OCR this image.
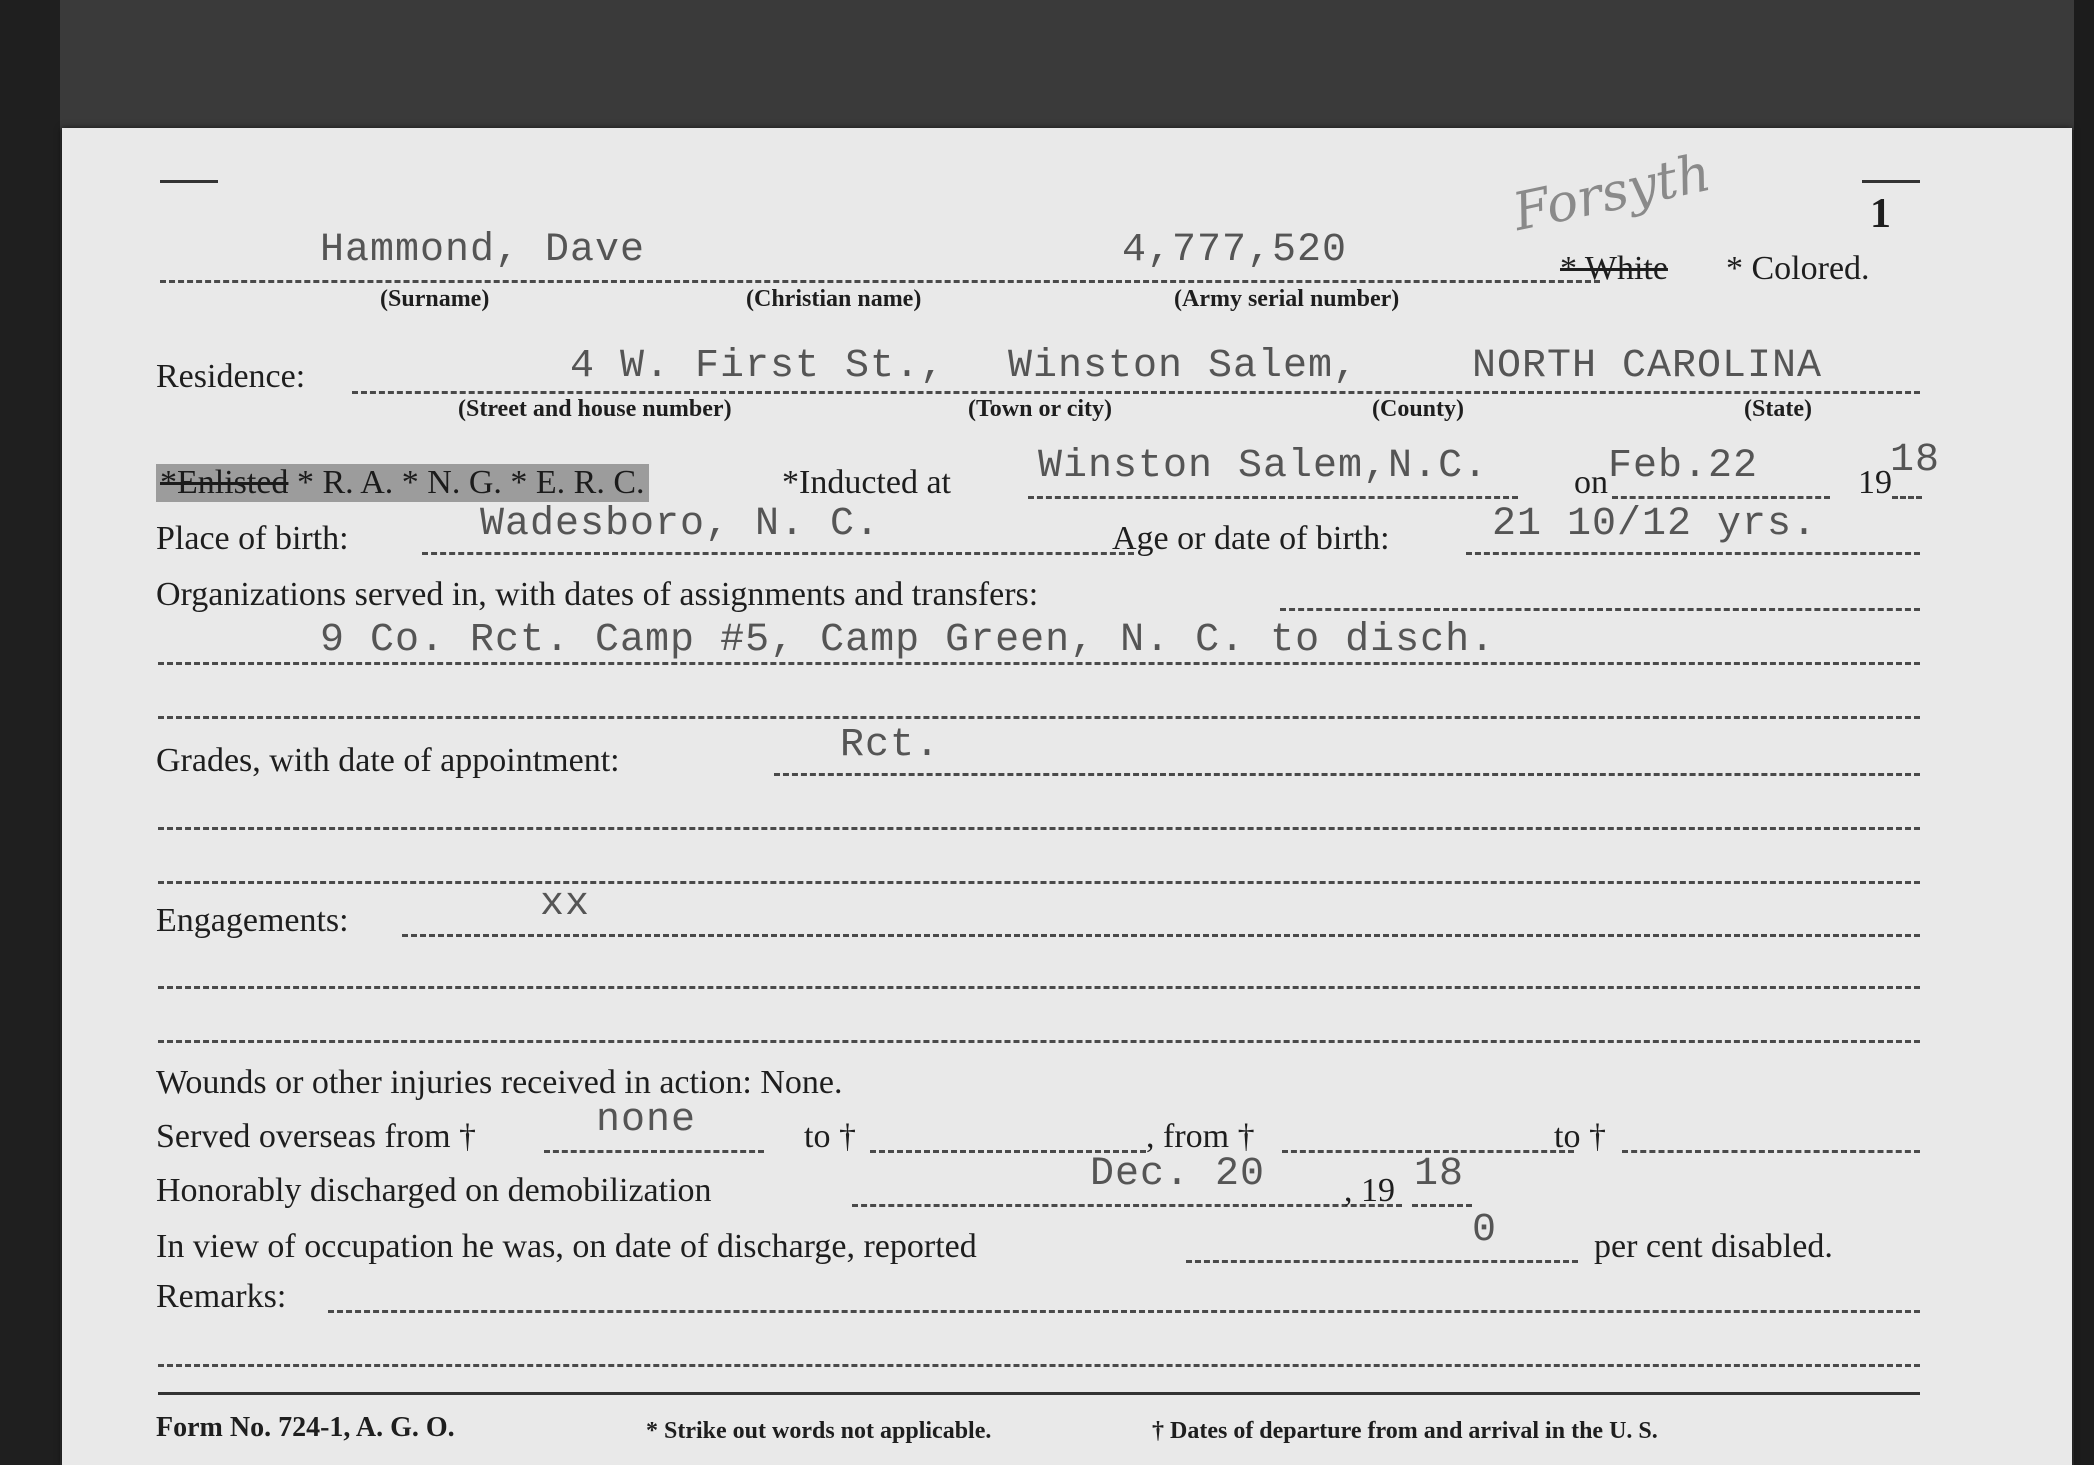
1
Forsyth
Hammond, Dave	4,777,520	* White * Colored.
(Surname)	(Christian name)	(Army serial number)
Residence:	4 W. First St., Winston Salem,	NORTH CAROLINA
(Street and house number)	(Town or city)	(County)	(State)
*Enlisted * R. A. * N. G. * E. R. C.	*Inducted at Winston Salem,N.C.	on Feb.22	19
18
Place of birth:	Wadesboro, N. C.	Age or date of birth:	21 10/12 yrs.
Organizations served in, with dates of assignments and transfers:
9 Co. Rct. Camp #5, Camp Green, N. C. to disch.
Grades, with date of appointment:	Rct.
Engagements:	xx
Wounds or other injuries received in action: None.
Served overseas from †	none	to †	, from †	to †
Honorably discharged on demobilization	Dec. 20 , 19 18
In view of occupation he was, on date of discharge, reported	0	per cent disabled.
Remarks:
Form No. 724-1, A. G. O.	* Strike out words not applicable.	† Dates of departure from and arrival in the U. S.
